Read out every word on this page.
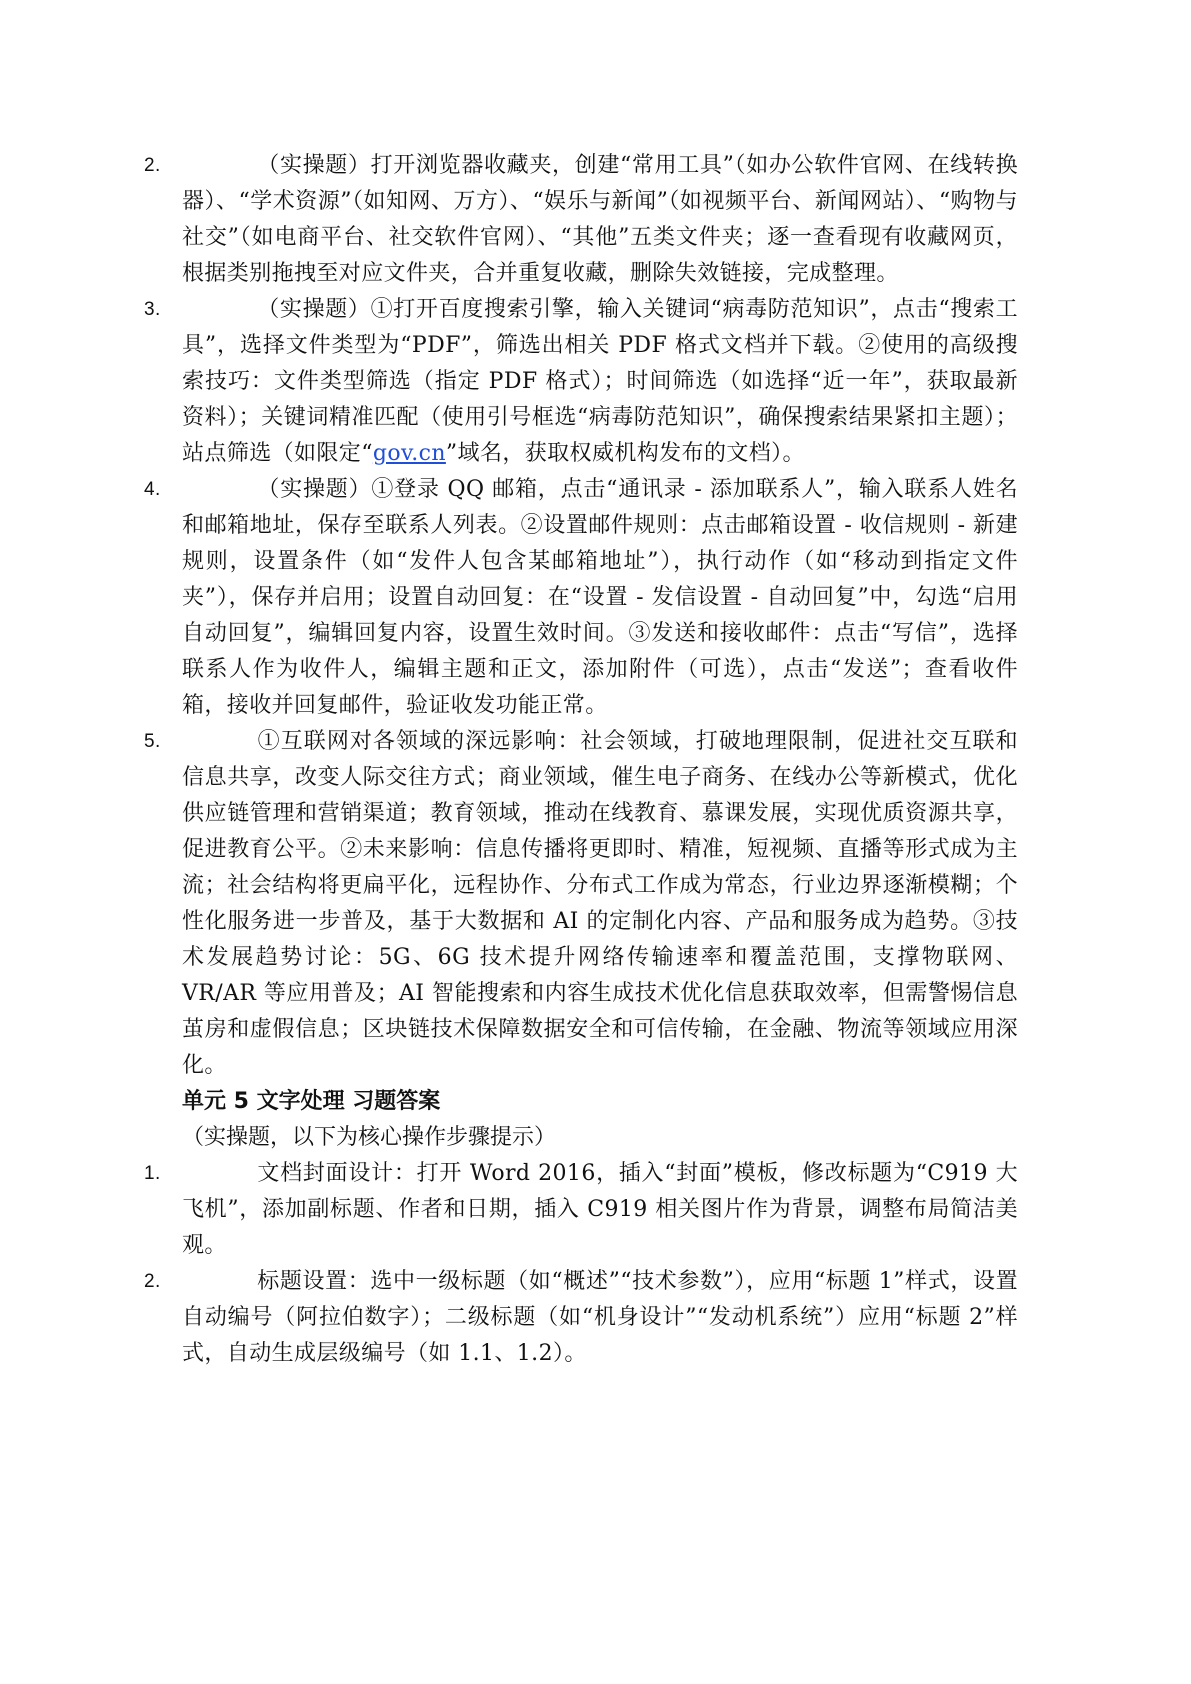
2.	（实操题）打开浏览器收藏夹，创建“常用工具”（如办公软件官网、在线转换器）、“学术资源”（如知网、万方）、“娱乐与新闻”（如视频平台、新闻网站）、“购物与社交”（如电商平台、社交软件官网）、“其他”五类文件夹；逐一查看现有收藏网页，根据类别拖拽至对应文件夹，合并重复收藏，删除失效链接，完成整理。

3.	（实操题）①打开百度搜索引擎，输入关键词“病毒防范知识”，点击“搜索工具”，选择文件类型为“PDF”，筛选出相关 PDF 格式文档并下载。②使用的高级搜索技巧：文件类型筛选（指定 PDF 格式）；时间筛选（如选择“近一年”，获取最新资料）；关键词精准匹配（使用引号框选“病毒防范知识”，确保搜索结果紧扣主题）；站点筛选（如限定“gov.cn”域名，获取权威机构发布的文档）。

4.	（实操题）①登录 QQ 邮箱，点击“通讯录 - 添加联系人”，输入联系人姓名和邮箱地址，保存至联系人列表。②设置邮件规则：点击邮箱设置 - 收信规则 - 新建规则，设置条件（如“发件人包含某邮箱地址”），执行动作（如“移动到指定文件夹”），保存并启用；设置自动回复：在“设置 - 发信设置 - 自动回复”中，勾选“启用自动回复”，编辑回复内容，设置生效时间。③发送和接收邮件：点击“写信”，选择联系人作为收件人，编辑主题和正文，添加附件（可选），点击“发送”；查看收件箱，接收并回复邮件，验证收发功能正常。

5.	①互联网对各领域的深远影响：社会领域，打破地理限制，促进社交互联和信息共享，改变人际交往方式；商业领域，催生电子商务、在线办公等新模式，优化供应链管理和营销渠道；教育领域，推动在线教育、慕课发展，实现优质资源共享，促进教育公平。②未来影响：信息传播将更即时、精准，短视频、直播等形式成为主流；社会结构将更扁平化，远程协作、分布式工作成为常态，行业边界逐渐模糊；个性化服务进一步普及，基于大数据和 AI 的定制化内容、产品和服务成为趋势。③技术发展趋势讨论：5G、6G 技术提升网络传输速率和覆盖范围，支撑物联网、VR/AR 等应用普及；AI 智能搜索和内容生成技术优化信息获取效率，但需警惕信息茧房和虚假信息；区块链技术保障数据安全和可信传输，在金融、物流等领域应用深化。

单元 5 文字处理 习题答案
（实操题，以下为核心操作步骤提示）
1.	文档封面设计：打开 Word 2016，插入“封面”模板，修改标题为“C919 大飞机”，添加副标题、作者和日期，插入 C919 相关图片作为背景，调整布局简洁美观。

2.	标题设置：选中一级标题（如“概述”“技术参数”），应用“标题 1”样式，设置自动编号（阿拉伯数字）；二级标题（如“机身设计”“发动机系统”）应用“标题 2”样式，自动生成层级编号（如 1.1、1.2）。
